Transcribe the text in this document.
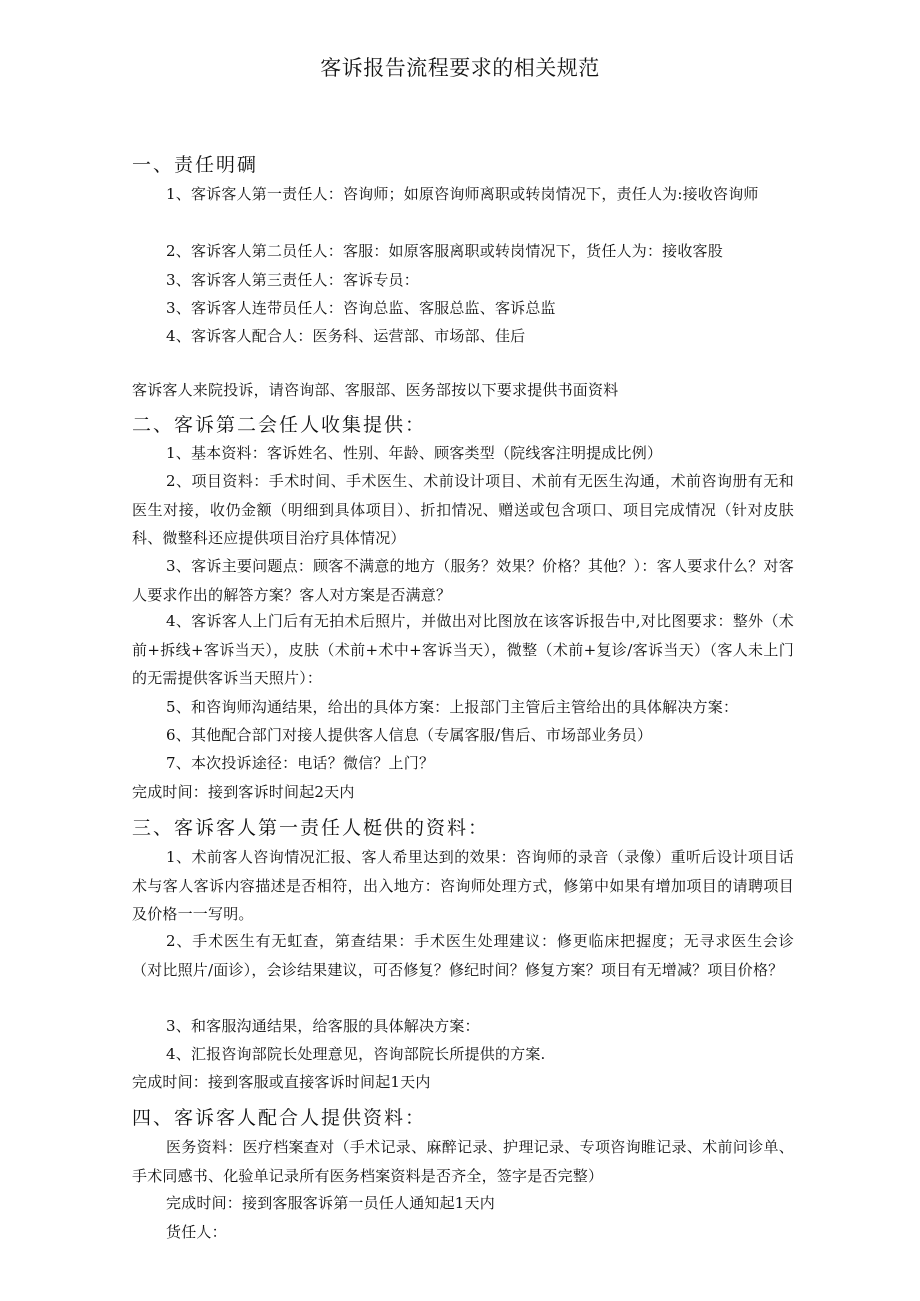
客诉报告流程要求的相关规范
一、责任明碉
1、客诉客人第一责任人：咨询师；如原咨询师离职或转岗情况下，责任人为:接收咨询师
2、客诉客人第二员任人：客服：如原客服离职或转岗情况下，货任人为：接收客股
3、客诉客人第三责任人：客诉专员：
3、客诉客人连带员任人：咨询总监、客服总监、客诉总监
4、客诉客人配合人：医务科、运营部、市场部、佳后
客诉客人来院投诉，请咨询部、客服部、医务部按以下要求提供书面资料
二、客诉第二会任人收集提供：
1、基本资料：客诉姓名、性别、年龄、顾客类型（院线客注明提成比例）
2、项目资料：手术时间、手术医生、术前设计项目、术前有无医生沟通，术前咨询册有无和医生对接，收仍金额（明细到具体项目）、折扣情况、赠送或包含项口、项目完成情况（针对皮肤科、微整科还应提供项目治疗具体情况）
3、客诉主要问题点：顾客不满意的地方（服务？效果？价格？其他？）：客人要求什么？对客人要求作出的解答方案？客人对方案是否满意？
4、客诉客人上门后有无拍术后照片，并做出对比图放在该客诉报告中,对比图要求：整外（术前+拆线+客诉当天），皮肤（术前+术中+客诉当天），微整（术前+复诊/客诉当天）（客人未上门的无需提供客诉当天照片）：
5、和咨询师沟通结果，给出的具体方案：上报部门主管后主管给出的具体解决方案：
6、其他配合部门对接人提供客人信息（专属客服/售后、市场部业务员）
7、本次投诉途径：电话？微信？上门？
完成时间：接到客诉时间起2天内
三、客诉客人第一责任人梃供的资料：
1、术前客人咨询情况汇报、客人希里达到的效果：咨询师的录音（录像）重听后设计项目话术与客人客诉内容描述是否相符，出入地方：咨询师处理方式，修第中如果有增加项目的请聘项目及价格一一写明。
2、手术医生有无虹查，第查结果：手术医生处理建议：修更临床把握度；无寻求医生会诊（对比照片/面诊），会诊结果建议，可否修复？修纪时间？修复方案？项目有无增减？项目价格？
3、和客服沟通结果，给客服的具体解决方案：
4、汇报咨询部院长处理意见，咨询部院长所提供的方案.
完成时间：接到客服或直接客诉时间起1天内
四、客诉客人配合人提供资料：
医务资料：医疗档案查对（手术记录、麻醉记录、护理记录、专项咨询睢记录、术前问诊单、手术同感书、化验单记录所有医务档案资料是否齐全，签字是否完整）
完成时间：接到客服客诉第一员任人通知起1天内
货任人：
